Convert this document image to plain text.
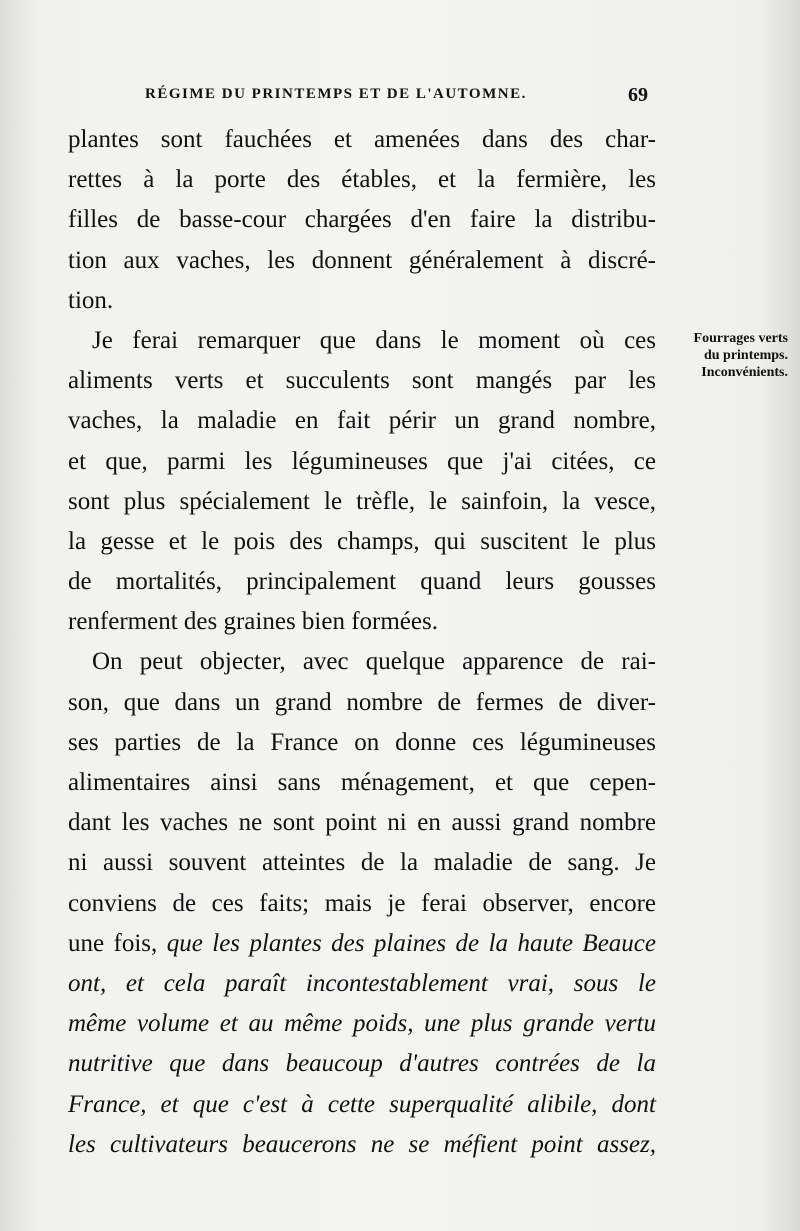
RÉGIME DU PRINTEMPS ET DE L'AUTOMNE.	69
Fourrages verts
du printemps.
Inconvénients.
plantes sont fauchées et amenées dans des char-
rettes à la porte des étables, et la fermière, les
filles de basse-cour chargées d'en faire la distribu-
tion aux vaches, les donnent généralement à discré-
tion.
Je ferai remarquer que dans le moment où ces
aliments verts et succulents sont mangés par les
vaches, la maladie en fait périr un grand nombre,
et que, parmi les légumineuses que j'ai citées, ce
sont plus spécialement le trèfle, le sainfoin, la vesce,
la gesse et le pois des champs, qui suscitent le plus
de mortalités, principalement quand leurs gousses
renferment des graines bien formées.
On peut objecter, avec quelque apparence de rai-
son, que dans un grand nombre de fermes de diver-
ses parties de la France on donne ces légumineuses
alimentaires ainsi sans ménagement, et que cepen-
dant les vaches ne sont point ni en aussi grand nombre
ni aussi souvent atteintes de la maladie de sang. Je
conviens de ces faits; mais je ferai observer, encore
une fois, que les plantes des plaines de la haute Beauce
ont, et cela paraît incontestablement vrai, sous le
même volume et au même poids, une plus grande vertu
nutritive que dans beaucoup d'autres contrées de la
France, et que c'est à cette superqualité alibile, dont
les cultivateurs beaucerons ne se méfient point assez,
